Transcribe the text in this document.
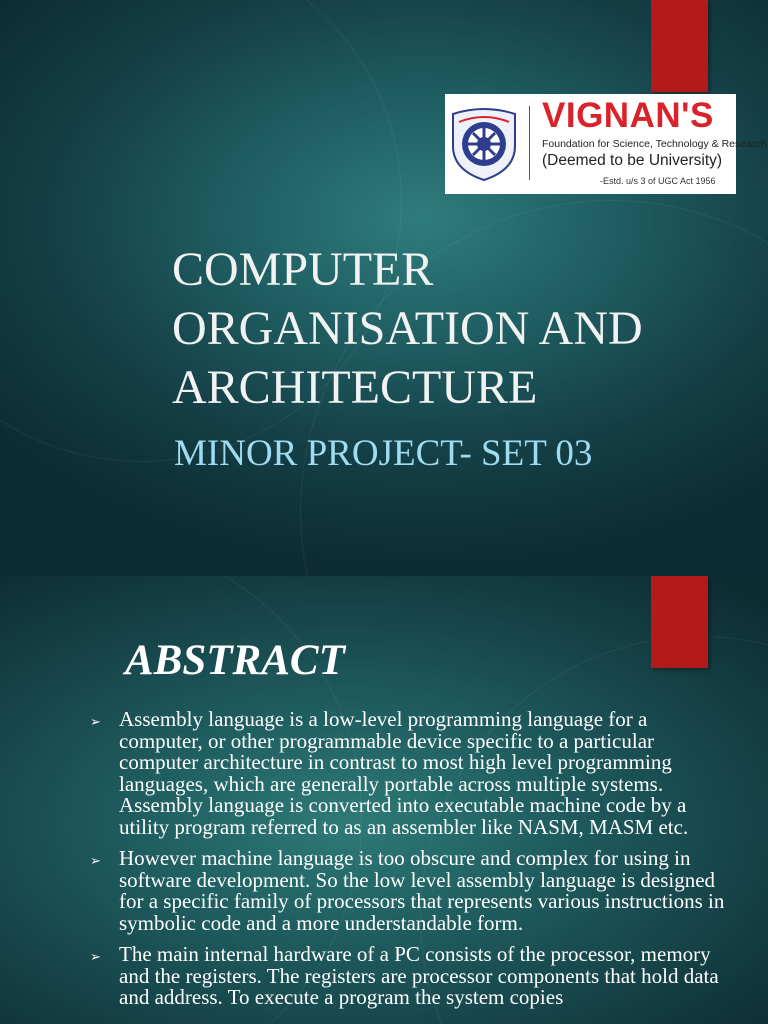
VIGNAN'S
Foundation for Science, Technology & Research
(Deemed to be University)
-Estd. u/s 3 of UGC Act 1956
COMPUTER
ORGANISATION AND
ARCHITECTURE
MINOR PROJECT- SET 03
ABSTRACT
➢ Assembly language is a low-level programming language for a computer, or other programmable device specific to a particular computer architecture in contrast to most high level programming languages, which are generally portable across multiple systems. Assembly language is converted into executable machine code by a utility program referred to as an assembler like NASM, MASM etc.
➢ However machine language is too obscure and complex for using in software development. So the low level assembly language is designed for a specific family of processors that represents various instructions in symbolic code and a more understandable form.
➢ The main internal hardware of a PC consists of the processor, memory and the registers. The registers are processor components that hold data and address. To execute a program the system copies
